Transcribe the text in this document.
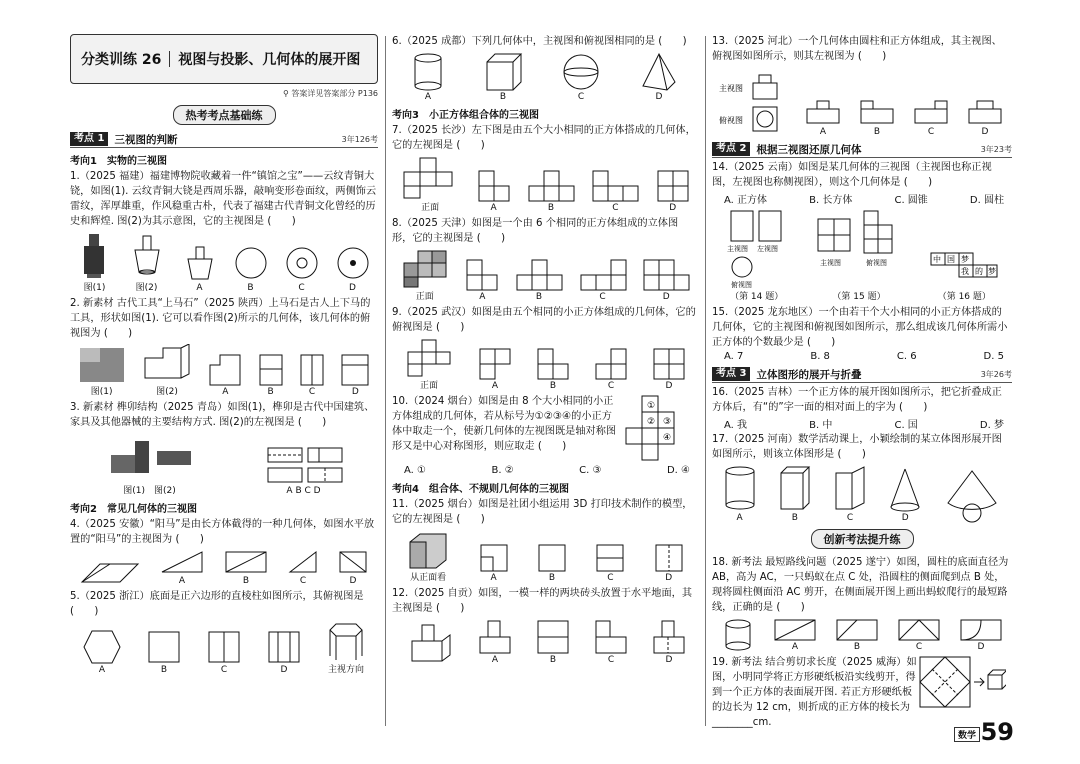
分类训练 26 视图与投影、几何体的展开图
⚲ 答案详见答案部分 P136
热考考点基础练
考点 1 三视图的判断	3年126考
考向1　实物的三视图

1.（2025 福建）福建博物院收藏着一件“镇馆之宝”——云纹青铜大铙，如图(1). 云纹青铜大铙是西周乐器，敲响变形卷面纹，两侧饰云雷纹，浑厚雄重，作风稳重古朴，代表了福建古代青铜文化曾经的历史和辉煌. 图(2)为其示意图，它的主视图是 (　　)

图(1)	图(2)	A	B	C	D

2. 新素材 古代工具“上马石”（2025 陕西）上马石是古人上下马的工具，形状如图(1). 它可以看作图(2)所示的几何体，该几何体的俯视图为 (　　)

图(1)	图(2)	A	B	C	D

3. 新素材 榫卯结构（2025 青岛）如图(1)，榫卯是古代中国建筑、家具及其他器械的主要结构方式. 图(2)的左视图是 (　　)

图(1)　图(2)	A B C D
考向2　常见几何体的三视图

4.（2025 安徽）“阳马”是由长方体截得的一种几何体，如图水平放置的“阳马”的主视图为 (　　)

A	B	C	D

5.（2025 浙江）底面是正六边形的直棱柱如图所示，其俯视图是 (　　)

A	B	C	D	主视方向

6.（2025 成都）下列几何体中，主视图和俯视图相同的是 (　　)

A	B	C	D
考向3　小正方体组合体的三视图

7.（2025 长沙）左下图是由五个大小相同的正方体搭成的几何体，它的左视图是 (　　)

正面	A	B	C	D

8.（2025 天津）如图是一个由 6 个相同的正方体组成的立体图形，它的主视图是 (　　)

正面	A	B	C	D

9.（2025 武汉）如图是由五个相同的小正方体组成的几何体，它的俯视图是 (　　)

正面	A	B	C	D

10.（2024 烟台）如图是由 8 个大小相同的小正方体组成的几何体，若从标号为①②③④的小正方体中取走一个，使新几何体的左视图既是轴对称图形又是中心对称图形，则应取走 (　　)

①
② ③
④
A. ①	B. ②	C. ③	D. ④
考向4　组合体、不规则几何体的三视图

11.（2025 烟台）如图是社团小组运用 3D 打印技术制作的模型，它的左视图是 (　　)

从正面看	A	B	C	D

12.（2025 自贡）如图，一模一样的两块砖头放置于水平地面，其主视图是 (　　)

A	B	C	D

13.（2025 河北）一个几何体由圆柱和正方体组成，其主视图、俯视图如图所示，则其左视图为 (　　)

主视图
俯视图
A	B	C	D
考点 2 根据三视图还原几何体	3年23考

14.（2025 云南）如图是某几何体的三视图（主视图也称正视图，左视图也称侧视图），则这个几何体是 (　　)

A. 正方体	B. 长方体	C. 圆锥	D. 圆柱
主视图 左视图
俯视图
（第 14 题）
主视图	俯视图
（第 15 题）
中 国 梦
我 的 梦
（第 16 题）

15.（2025 龙东地区）一个由若干个大小相同的小正方体搭成的几何体，它的主视图和俯视图如图所示，那么组成该几何体所需小正方体的个数最少是 (　　)

A. 7	B. 8	C. 6	D. 5
考点 3 立体图形的展开与折叠	3年26考

16.（2025 吉林）一个正方体的展开图如图所示，把它折叠成正方体后，有“的”字一面的相对面上的字为 (　　)

A. 我	B. 中	C. 国	D. 梦

17.（2025 河南）数学活动课上，小颖绘制的某立体图形展开图如图所示，则该立体图形是 (　　)

A	B	C	D
创新考法提升练

18. 新考法 最短路线问题（2025 遂宁）如图，圆柱的底面直径为 AB，高为 AC，一只蚂蚁在点 C 处，沿圆柱的侧面爬到点 B 处，现将圆柱侧面沿 AC 剪开，在侧面展开图上画出蚂蚁爬行的最短路线，正确的是 (　　)

A	B	C	D

19. 新考法 结合剪切求长度（2025 威海）如图，小明同学将正方形硬纸板沿实线剪开，得到一个正方体的表面展开图. 若正方形硬纸板的边长为 12 cm，则折成的正方体的棱长为________cm.

数学 59
